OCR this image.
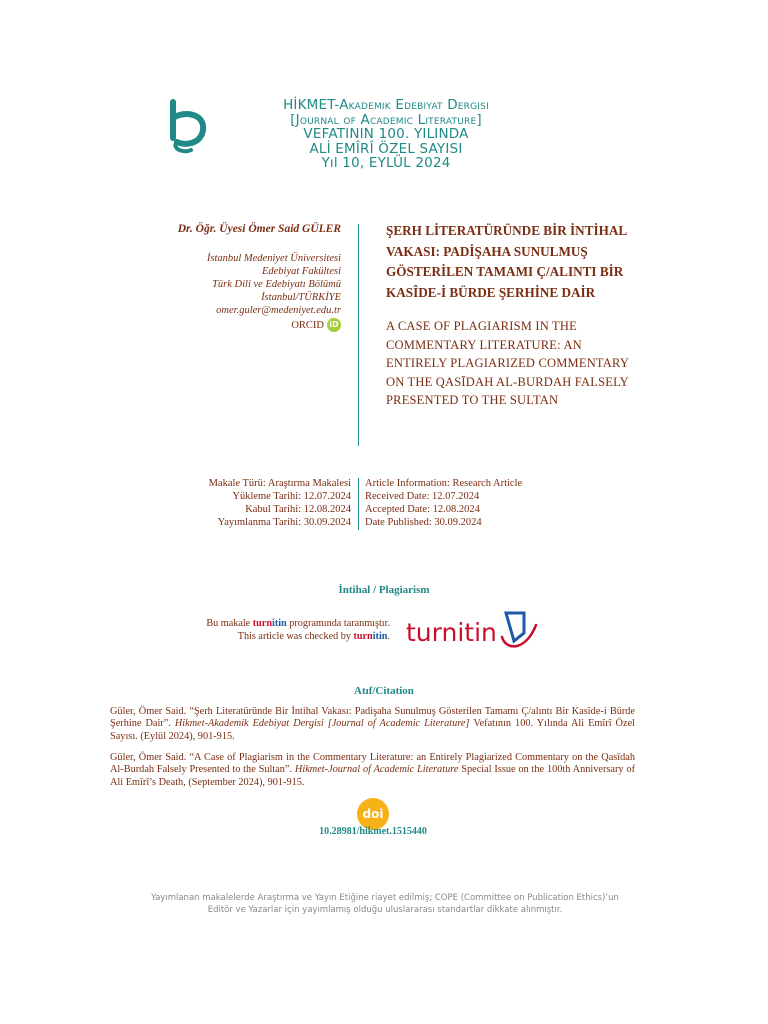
HİKMET-Akademik Edebiyat Dergisi
[Journal of Academic Literature]
VEFATININ 100. YILINDA
ALİ EMÎRÎ ÖZEL SAYISI
Yıl 10, EYLÜL 2024

Dr. Öğr. Üyesi Ömer Said GÜLER

İstanbul Medeniyet Üniversitesi
Edebiyat Fakültesi
Türk Dili ve Edebiyatı Bölümü
İstanbul/TÜRKİYE
omer.guler@medeniyet.edu.tr
ORCID iD

ŞERH LİTERATÜRÜNDE BİR İNTİHAL VAKASI: PADİŞAHA SUNULMUŞ GÖSTERİLEN TAMAMI Ç/ALINTI BİR KASÎDE-İ BÜRDE ŞERHİNE DAİR

A CASE OF PLAGIARISM IN THE COMMENTARY LITERATURE: AN ENTIRELY PLAGIARIZED COMMENTARY ON THE QASĪDAH AL-BURDAH FALSELY PRESENTED TO THE SULTAN

Makale Türü: Araştırma Makalesi
Yükleme Tarihi: 12.07.2024
Kabul Tarihi: 12.08.2024
Yayımlanma Tarihi: 30.09.2024
Article Information: Research Article
Received Date: 12.07.2024
Accepted Date: 12.08.2024
Date Published: 30.09.2024
İntihal / Plagiarism
Bu makale turnitin programında taranmıştır.
This article was checked by turnitin. turnitin
Atıf/Citation
Güler, Ömer Said. “Şerh Literatüründe Bir İntihal Vakası: Padişaha Sunulmuş Gösterilen Tamamı Ç/alıntı Bir Kasîde-i Bürde Şerhine Dair”. Hikmet-Akademik Edebiyat Dergisi [Journal of Academic Literature] Vefatının 100. Yılında Ali Emîrî Özel Sayısı. (Eylül 2024), 901-915.
Güler, Ömer Said. “A Case of Plagiarism in the Commentary Literature: an Entirely Plagiarized Commentary on the Qasīdah Al-Burdah Falsely Presented to the Sultan”. Hikmet-Journal of Academic Literature Special Issue on the 100th Anniversary of Ali Emîrî’s Death, (September 2024), 901-915.
doi
10.28981/hikmet.1515440
Yayımlanan makalelerde Araştırma ve Yayın Etiğine riayet edilmiş; COPE (Committee on Publication Ethics)’un
Editör ve Yazarlar için yayımlamış olduğu uluslararası standartlar dikkate alınmıştır.
